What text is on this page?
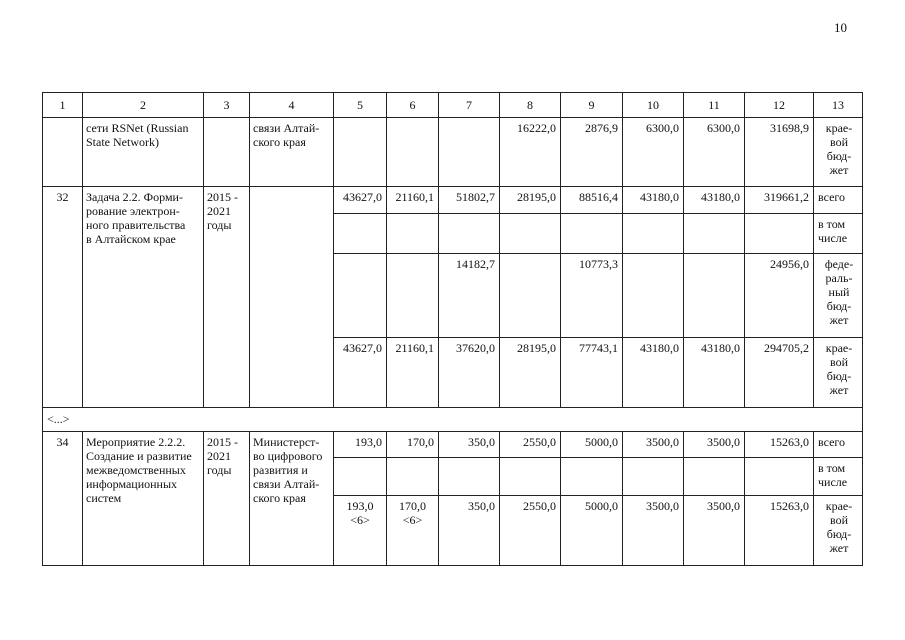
10
1	2	3	4	5	6	7	8	9	10	11	12	13
	сети RSNet (Russian
State Network)		связи Алтай-
ского края				16222,0	2876,9	6300,0	6300,0	31698,9	крае-
вой
бюд-
жет
32	Задача 2.2. Форми-
рование электрон-
ного правительства
в Алтайском крае	2015 -
2021
годы		43627,0	21160,1	51802,7	28195,0	88516,4	43180,0	43180,0	319661,2	всего
												в том
числе
						14182,7		10773,3			24956,0	феде-
раль-
ный
бюд-
жет
				43627,0	21160,1	37620,0	28195,0	77743,1	43180,0	43180,0	294705,2	крае-
вой
бюд-
жет
<...>												
34	Мероприятие 2.2.2.
Создание и развитие
межведомственных
информационных
систем	2015 -
2021
годы	Министерст-
во цифрового
развития и
связи Алтай-
ского края	193,0	170,0	350,0	2550,0	5000,0	3500,0	3500,0	15263,0	всего
												в том
числе
				193,0
<6>	170,0
<6>	350,0	2550,0	5000,0	3500,0	3500,0	15263,0	крае-
вой
бюд-
жет
